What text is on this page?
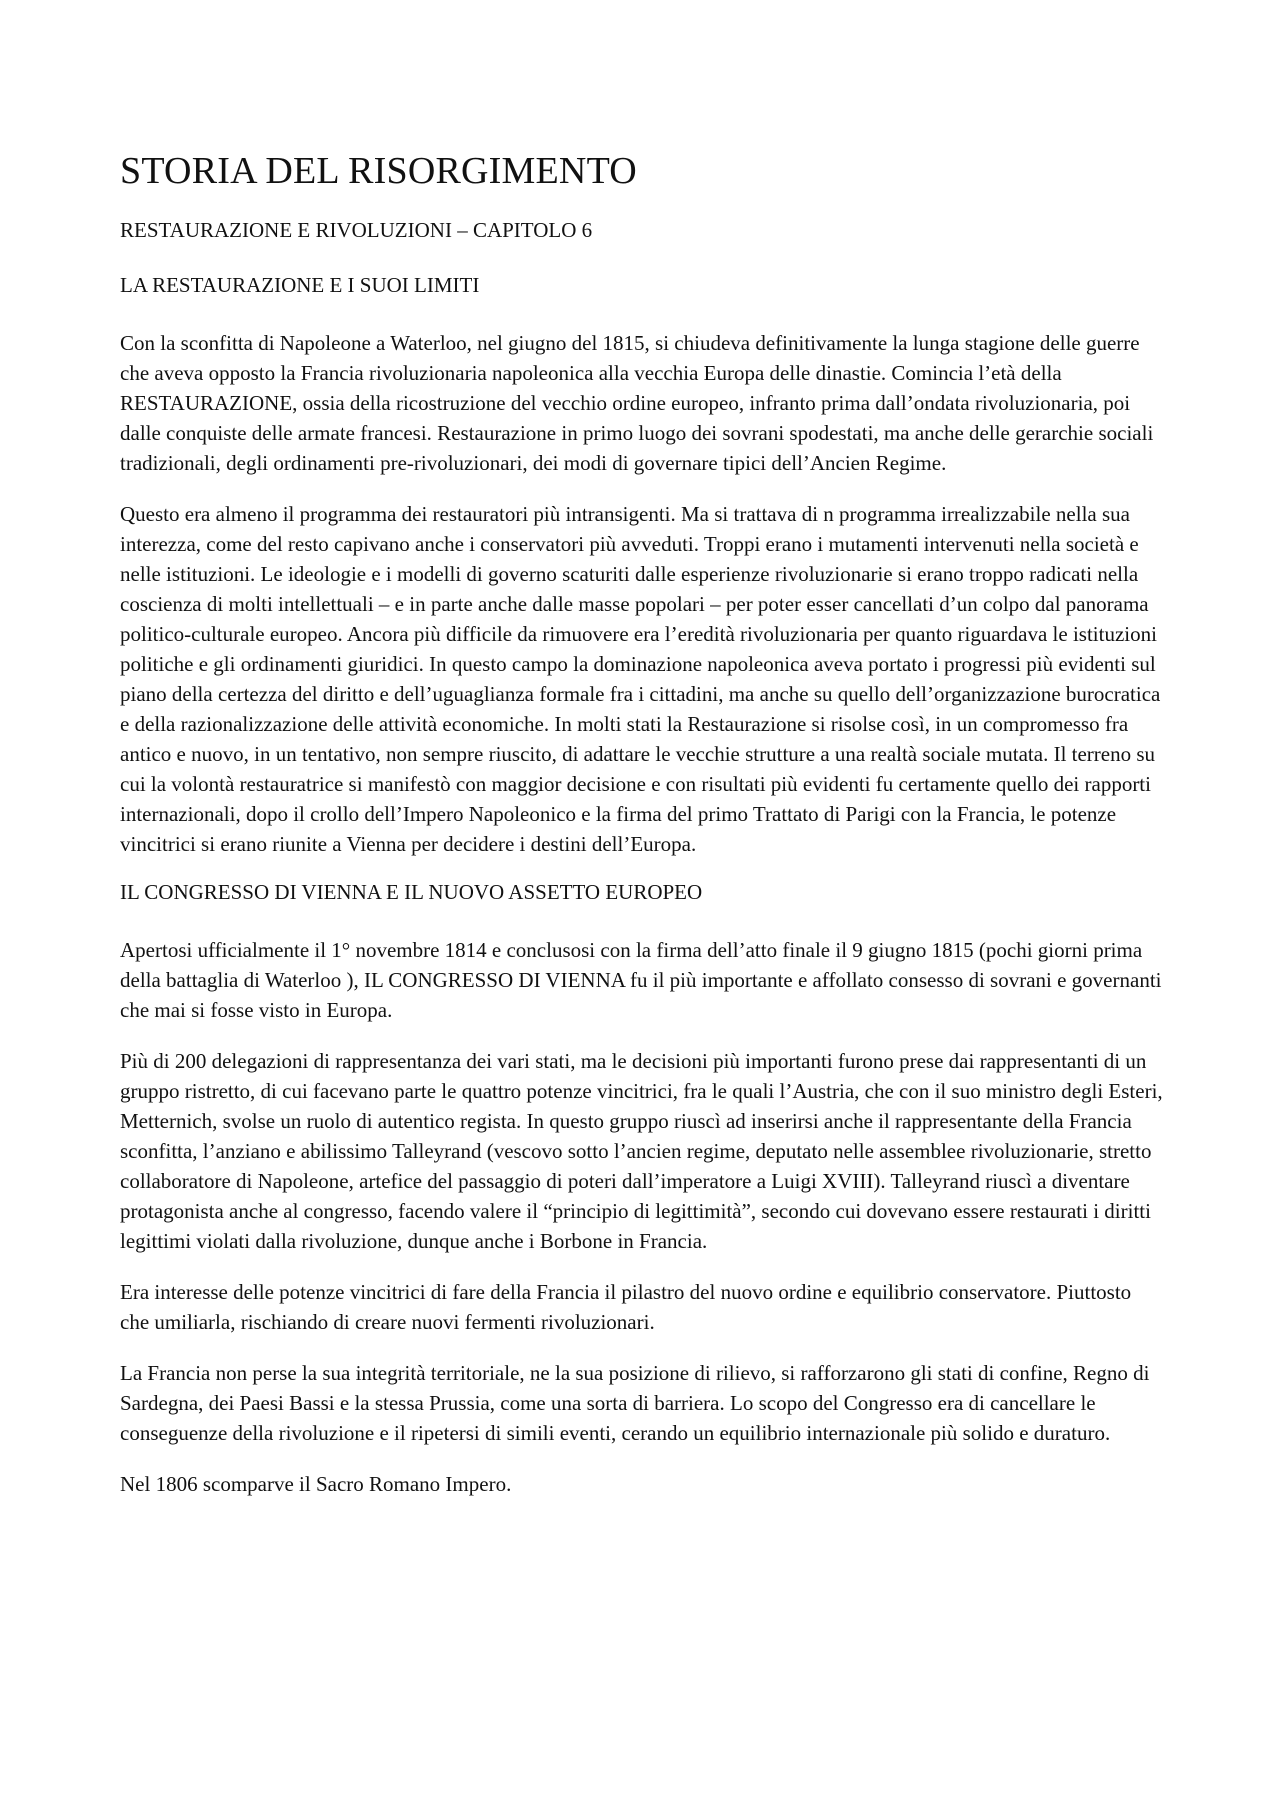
STORIA DEL RISORGIMENTO
RESTAURAZIONE E RIVOLUZIONI – CAPITOLO 6
LA RESTAURAZIONE E I SUOI LIMITI

Con la sconfitta di Napoleone a Waterloo, nel giugno del 1815, si chiudeva definitivamente la lunga stagione delle guerre che aveva opposto la Francia rivoluzionaria napoleonica alla vecchia Europa delle dinastie. Comincia l’età della RESTAURAZIONE, ossia della ricostruzione del vecchio ordine europeo, infranto prima dall’ondata rivoluzionaria, poi dalle conquiste delle armate francesi. Restaurazione in primo luogo dei sovrani spodestati, ma anche delle gerarchie sociali tradizionali, degli ordinamenti pre-rivoluzionari, dei modi di governare tipici dell’Ancien Regime.

Questo era almeno il programma dei restauratori più intransigenti. Ma si trattava di n programma irrealizzabile nella sua interezza, come del resto capivano anche i conservatori più avveduti. Troppi erano i mutamenti intervenuti nella società e nelle istituzioni. Le ideologie e i modelli di governo scaturiti dalle esperienze rivoluzionarie si erano troppo radicati nella coscienza di molti intellettuali – e in parte anche dalle masse popolari – per poter esser cancellati d’un colpo dal panorama politico-culturale europeo. Ancora più difficile da rimuovere era l’eredità rivoluzionaria per quanto riguardava le istituzioni politiche e gli ordinamenti giuridici. In questo campo la dominazione napoleonica aveva portato i progressi più evidenti sul piano della certezza del diritto e dell’uguaglianza formale fra i cittadini, ma anche su quello dell’organizzazione burocratica e della razionalizzazione delle attività economiche. In molti stati la Restaurazione si risolse così, in un compromesso fra antico e nuovo, in un tentativo, non sempre riuscito, di adattare le vecchie strutture a una realtà sociale mutata. Il terreno su cui la volontà restauratrice si manifestò con maggior decisione e con risultati più evidenti fu certamente quello dei rapporti internazionali, dopo il crollo dell’Impero Napoleonico e la firma del primo Trattato di Parigi con la Francia, le potenze vincitrici si erano riunite a Vienna per decidere i destini dell’Europa.

IL CONGRESSO DI VIENNA E IL NUOVO ASSETTO EUROPEO

Apertosi ufficialmente il 1° novembre 1814 e conclusosi con la firma dell’atto finale il 9 giugno 1815 (pochi giorni prima della battaglia di Waterloo ), IL CONGRESSO DI VIENNA fu il più importante e affollato consesso di sovrani e governanti che mai si fosse visto in Europa.

Più di 200 delegazioni di rappresentanza dei vari stati, ma le decisioni più importanti furono prese dai rappresentanti di un gruppo ristretto, di cui facevano parte le quattro potenze vincitrici, fra le quali l’Austria, che con il suo ministro degli Esteri, Metternich, svolse un ruolo di autentico regista. In questo gruppo riuscì ad inserirsi anche il rappresentante della Francia sconfitta, l’anziano e abilissimo Talleyrand (vescovo sotto l’ancien regime, deputato nelle assemblee rivoluzionarie, stretto collaboratore di Napoleone, artefice del passaggio di poteri dall’imperatore a Luigi XVIII). Talleyrand riuscì a diventare protagonista anche al congresso, facendo valere il “principio di legittimità”, secondo cui dovevano essere restaurati i diritti legittimi violati dalla rivoluzione, dunque anche i Borbone in Francia.

Era interesse delle potenze vincitrici di fare della Francia il pilastro del nuovo ordine e equilibrio conservatore. Piuttosto che umiliarla, rischiando di creare nuovi fermenti rivoluzionari.

La Francia non perse la sua integrità territoriale, ne la sua posizione di rilievo, si rafforzarono gli stati di confine, Regno di Sardegna, dei Paesi Bassi e la stessa Prussia, come una sorta di barriera. Lo scopo del Congresso era di cancellare le conseguenze della rivoluzione e il ripetersi di simili eventi, cerando un equilibrio internazionale più solido e duraturo.

Nel 1806 scomparve il Sacro Romano Impero.
